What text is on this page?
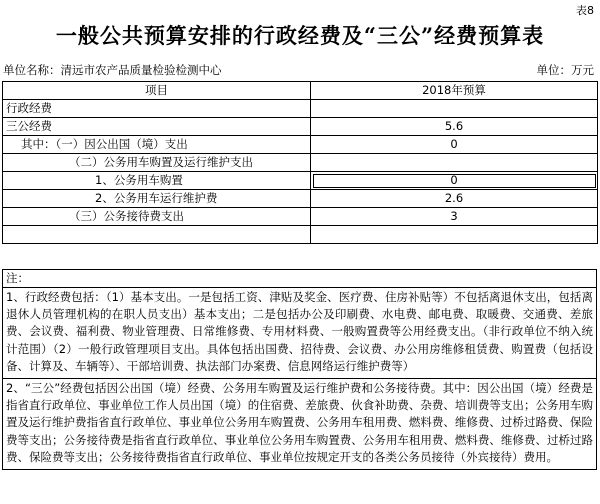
表8
一般公共预算安排的行政经费及“三公”经费预算表
单位名称：清远市农产品质量检验检测中心	单位：万元
项目	2018年预算
行政经费	
三公经费	5.6
其中：（一）因公出国（境）支出	0
（二）公务用车购置及运行维护支出	
1、公务用车购置	0
2、公务用车运行维护费	2.6
（三）公务接待费支出	3

注：
1、行政经费包括：（1）基本支出。一是包括工资、津贴及奖金、医疗费、住房补贴等）不包括离退休支出，包括离退休人员管理机构的在职人员支出）基本支出；二是包括办公及印刷费、水电费、邮电费、取暖费、交通费、差旅费、会议费、福利费、物业管理费、日常维修费、专用材料费、一般购置费等公用经费支出。（非行政单位不纳入统计范围）（2）一般行政管理项目支出。具体包括出国费、招待费、会议费、办公用房维修租赁费、购置费（包括设备、计算及、车辆等）、干部培训费、执法部门办案费、信息网络运行维护费等）
2、“三公”经费包括因公出国（境）经费、公务用车购置及运行维护费和公务接待费。其中：因公出国（境）经费是指省直行政单位、事业单位工作人员出国（境）的住宿费、差旅费、伙食补助费、杂费、培训费等支出；公务用车购置及运行维护费指省直行政单位、事业单位公务用车购置费、公务用车租用费、燃料费、维修费、过桥过路费、保险费等支出；公务接待费是指省直行政单位、事业单位公务用车购置费、公务用车租用费、燃料费、维修费、过桥过路费、保险费等支出；公务接待费指省直行政单位、事业单位按规定开支的各类公务员接待（外宾接待）费用。
